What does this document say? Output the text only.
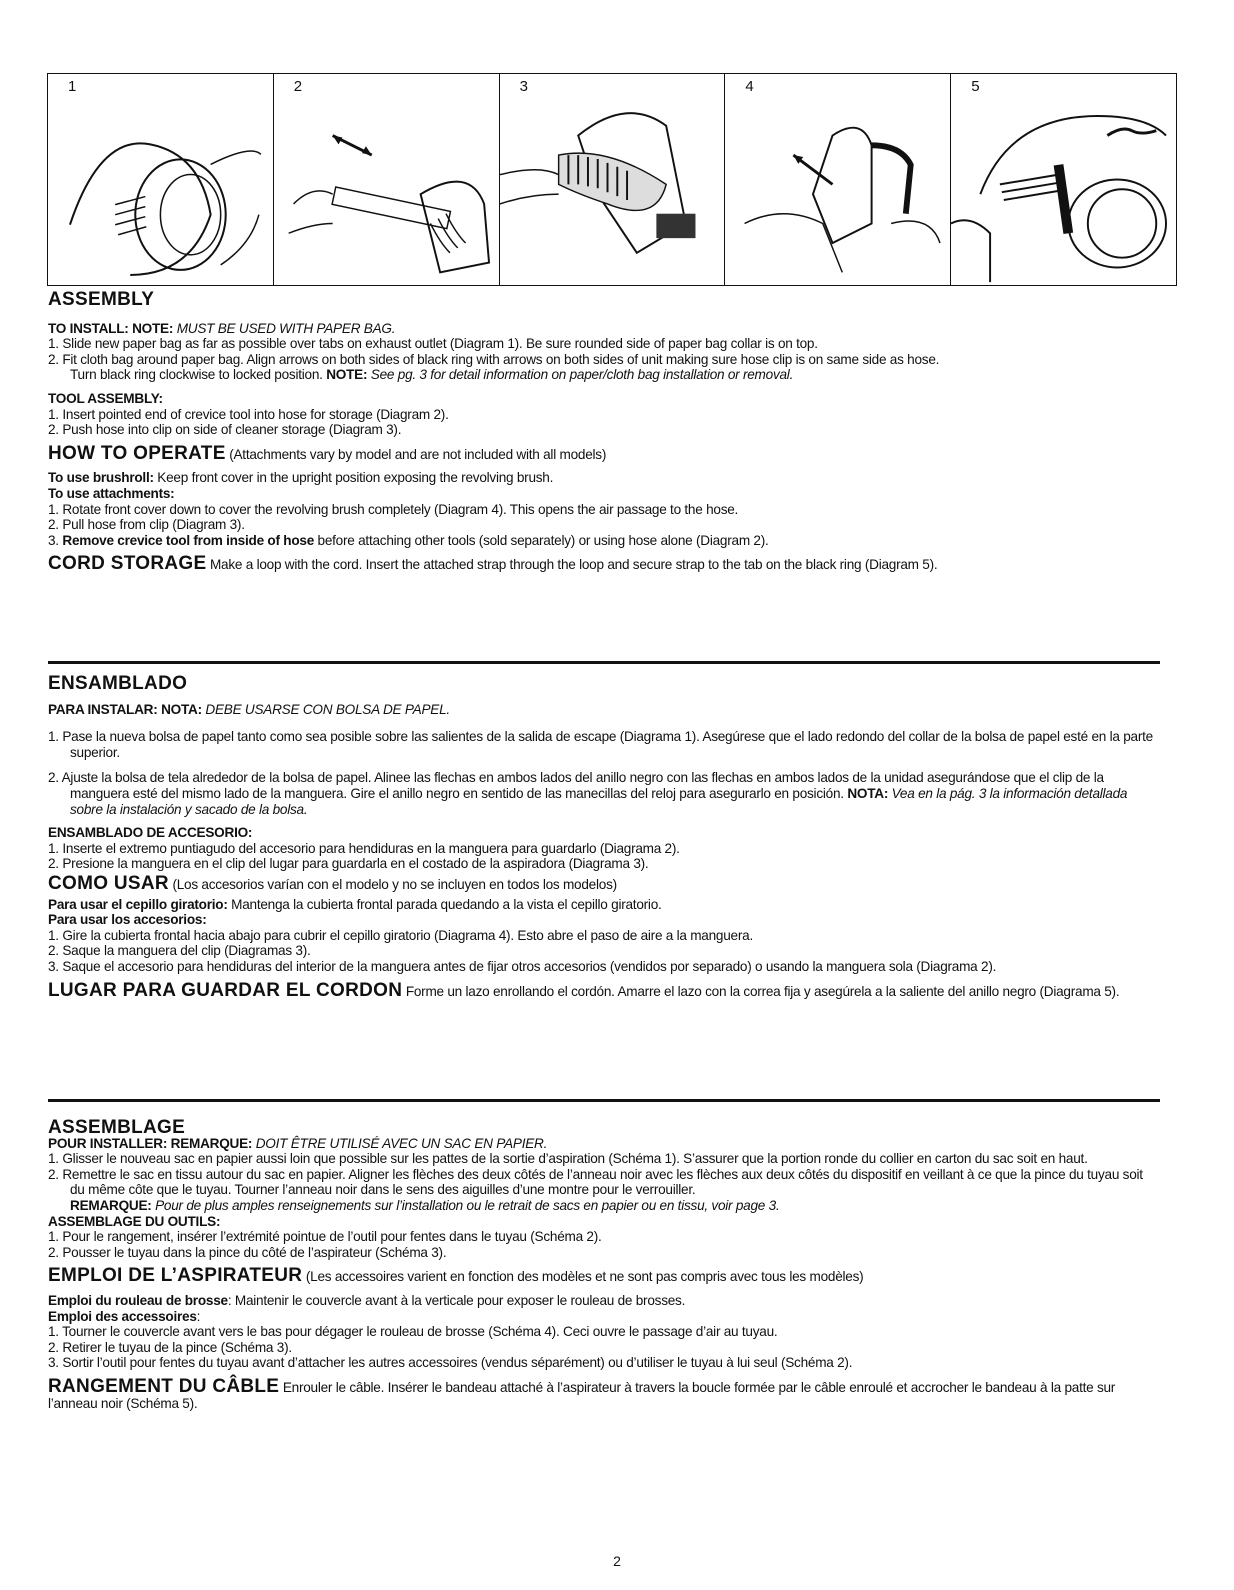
1	2	3	4	5

ASSEMBLY

TO INSTALL: NOTE: MUST BE USED WITH PAPER BAG.

1. Slide new paper bag as far as possible over tabs on exhaust outlet (Diagram 1). Be sure rounded side of paper bag collar is on top.

2. Fit cloth bag around paper bag. Align arrows on both sides of black ring with arrows on both sides of unit making sure hose clip is on same side as hose.

Turn black ring clockwise to locked position. NOTE: See pg. 3 for detail information on paper/cloth bag installation or removal.

TOOL ASSEMBLY:

1. Insert pointed end of crevice tool into hose for storage (Diagram 2).

2. Push hose into clip on side of cleaner storage (Diagram 3).

HOW TO OPERATE (Attachments vary by model and are not included with all models)

To use brushroll: Keep front cover in the upright position exposing the revolving brush.

To use attachments:

1. Rotate front cover down to cover the revolving brush completely (Diagram 4). This opens the air passage to the hose.

2. Pull hose from clip (Diagram 3).

3. Remove crevice tool from inside of hose before attaching other tools (sold separately) or using hose alone (Diagram 2).

CORD STORAGE Make a loop with the cord. Insert the attached strap through the loop and secure strap to the tab on the black ring (Diagram 5).

ENSAMBLADO

PARA INSTALAR: NOTA: DEBE USARSE CON BOLSA DE PAPEL.

1. Pase la nueva bolsa de papel tanto como sea posible sobre las salientes de la salida de escape (Diagrama 1). Asegúrese que el lado redondo del collar de la bolsa de papel esté en la parte superior.

2. Ajuste la bolsa de tela alrededor de la bolsa de papel. Alinee las flechas en ambos lados del anillo negro con las flechas en ambos lados de la unidad asegurándose que el clip de la manguera esté del mismo lado de la manguera. Gire el anillo negro en sentido de las manecillas del reloj para asegurarlo en posición. NOTA: Vea en la pág. 3 la información detallada sobre la instalación y sacado de la bolsa.

ENSAMBLADO DE ACCESORIO:

1. Inserte el extremo puntiagudo del accesorio para hendiduras en la manguera para guardarlo (Diagrama 2).

2. Presione la manguera en el clip del lugar para guardarla en el costado de la aspiradora (Diagrama 3).

COMO USAR (Los accesorios varían con el modelo y no se incluyen en todos los modelos)

Para usar el cepillo giratorio: Mantenga la cubierta frontal parada quedando a la vista el cepillo giratorio.

Para usar los accesorios:

1. Gire la cubierta frontal hacia abajo para cubrir el cepillo giratorio (Diagrama 4). Esto abre el paso de aire a la manguera.

2. Saque la manguera del clip (Diagramas 3).

3. Saque el accesorio para hendiduras del interior de la manguera antes de fijar otros accesorios (vendidos por separado) o usando la manguera sola (Diagrama 2).

LUGAR PARA GUARDAR EL CORDON Forme un lazo enrollando el cordón. Amarre el lazo con la correa fija y asegúrela a la saliente del anillo negro (Diagrama 5).

ASSEMBLAGE

POUR INSTALLER: REMARQUE: DOIT ÊTRE UTILISÉ AVEC UN SAC EN PAPIER.

1. Glisser le nouveau sac en papier aussi loin que possible sur les pattes de la sortie d’aspiration (Schéma 1). S’assurer que la portion ronde du collier en carton du sac soit en haut.

2. Remettre le sac en tissu autour du sac en papier. Aligner les flèches des deux côtés de l’anneau noir avec les flèches aux deux côtés du dispositif en veillant à ce que la pince du tuyau soit du même côte que le tuyau. Tourner l’anneau noir dans le sens des aiguilles d’une montre pour le verrouiller.

REMARQUE: Pour de plus amples renseignements sur l’installation ou le retrait de sacs en papier ou en tissu, voir page 3.

ASSEMBLAGE DU OUTILS:

1. Pour le rangement, insérer l’extrémité pointue de l’outil pour fentes dans le tuyau (Schéma 2).

2. Pousser le tuyau dans la pince du côté de l’aspirateur (Schéma 3).

EMPLOI DE L’ASPIRATEUR (Les accessoires varient en fonction des modèles et ne sont pas compris avec tous les modèles)

Emploi du rouleau de brosse: Maintenir le couvercle avant à la verticale pour exposer le rouleau de brosses.

Emploi des accessoires:

1. Tourner le couvercle avant vers le bas pour dégager le rouleau de brosse (Schéma 4). Ceci ouvre le passage d’air au tuyau.

2. Retirer le tuyau de la pince (Schéma 3).

3. Sortir l’outil pour fentes du tuyau avant d’attacher les autres accessoires (vendus séparément) ou d’utiliser le tuyau à lui seul (Schéma 2).

RANGEMENT DU CÂBLE Enrouler le câble. Insérer le bandeau attaché à l’aspirateur à travers la boucle formée par le câble enroulé et accrocher le bandeau à la patte sur l’anneau noir (Schéma 5).

2
